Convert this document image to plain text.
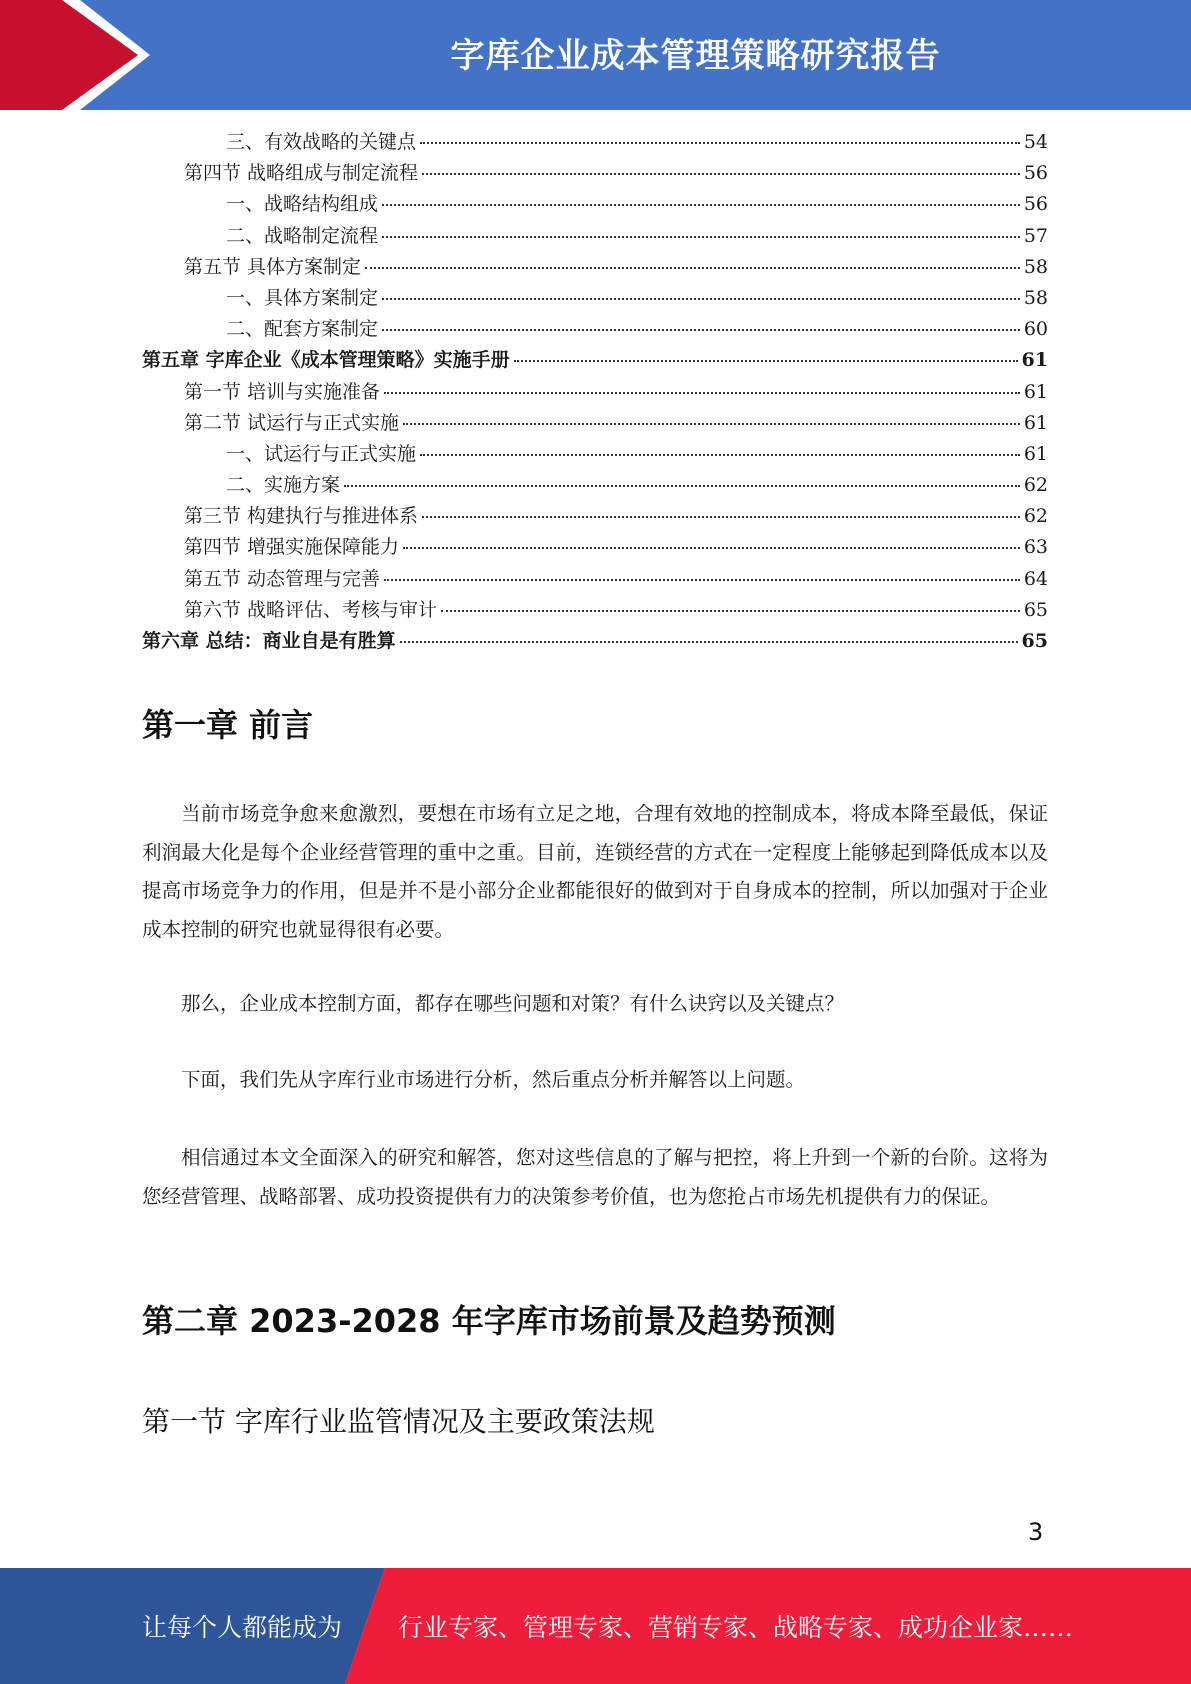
字库企业成本管理策略研究报告
三、有效战略的关键点	54
第四节 战略组成与制定流程	56
一、战略结构组成	56
二、战略制定流程	57
第五节 具体方案制定	58
一、具体方案制定	58
二、配套方案制定	60
第五章 字库企业《成本管理策略》实施手册	61
第一节 培训与实施准备	61
第二节 试运行与正式实施	61
一、试运行与正式实施	61
二、实施方案	62
第三节 构建执行与推进体系	62
第四节 增强实施保障能力	63
第五节 动态管理与完善	64
第六节 战略评估、考核与审计	65
第六章 总结：商业自是有胜算	65
第一章 前言

当前市场竞争愈来愈激烈，要想在市场有立足之地，合理有效地的控制成本，将成本降至最低，保证利润最大化是每个企业经营管理的重中之重。目前，连锁经营的方式在一定程度上能够起到降低成本以及提高市场竞争力的作用，但是并不是小部分企业都能很好的做到对于自身成本的控制，所以加强对于企业成本控制的研究也就显得很有必要。

那么，企业成本控制方面，都存在哪些问题和对策？有什么诀窍以及关键点？

下面，我们先从字库行业市场进行分析，然后重点分析并解答以上问题。

相信通过本文全面深入的研究和解答，您对这些信息的了解与把控，将上升到一个新的台阶。这将为您经营管理、战略部署、成功投资提供有力的决策参考价值，也为您抢占市场先机提供有力的保证。

第二章 2023-2028 年字库市场前景及趋势预测
第一节 字库行业监管情况及主要政策法规
3
让每个人都能成为 行业专家、管理专家、营销专家、战略专家、成功企业家……
